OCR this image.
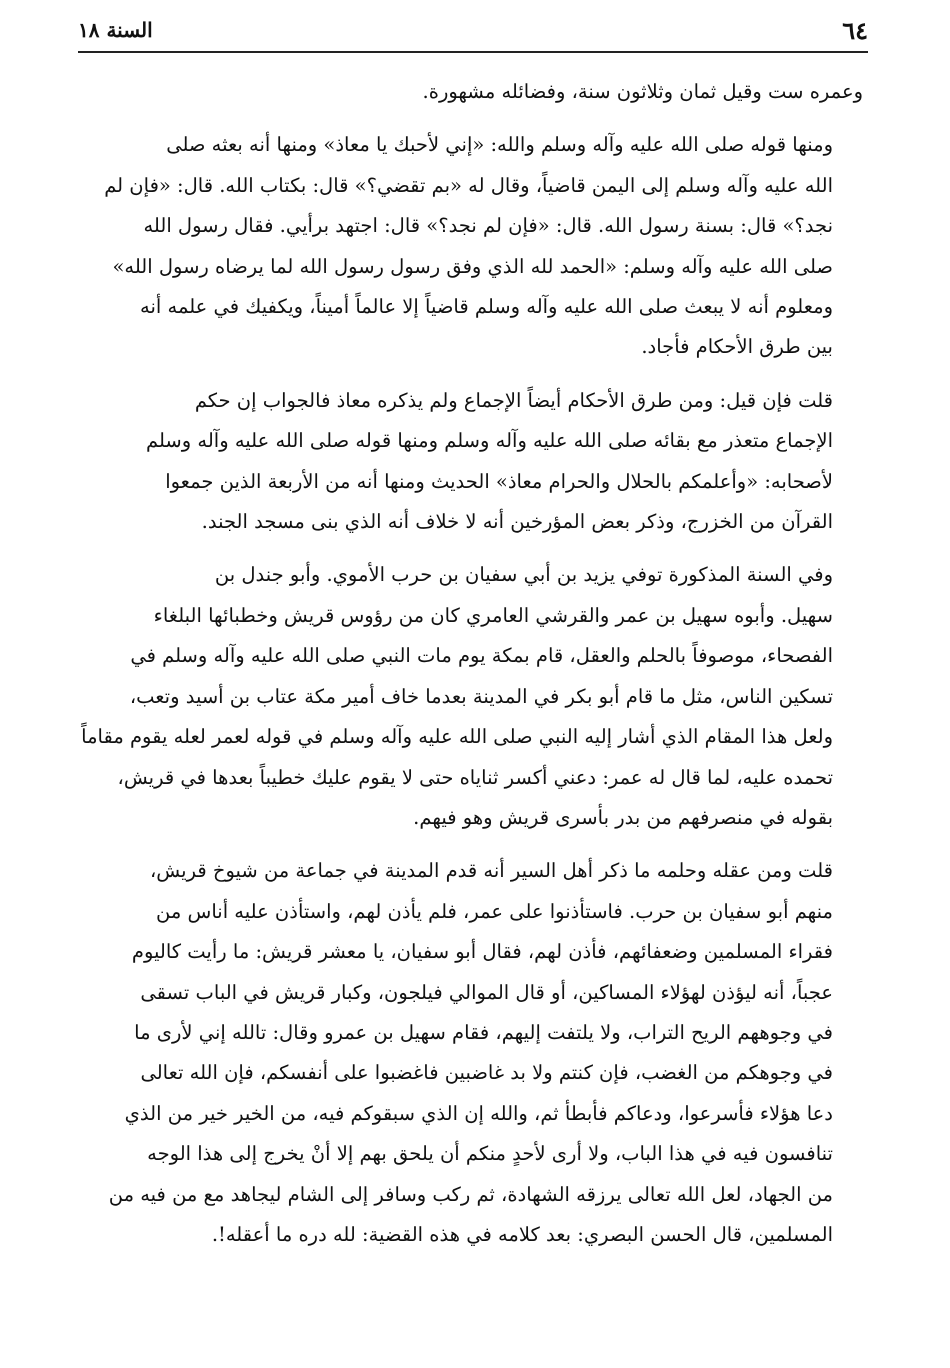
٦٤
السنة ١٨

وعمره ست وقيل ثمان وثلاثون سنة، وفضائله مشهورة.

ومنها قوله صلى الله عليه وآله وسلم والله: «إني لأحبك يا معاذ» ومنها أنه بعثه صلى
الله عليه وآله وسلم إلى اليمن قاضياً، وقال له «بم تقضي؟» قال: بكتاب الله. قال: «فإن لم
نجد؟» قال: بسنة رسول الله. قال: «فإن لم نجد؟» قال: اجتهد برأيي. فقال رسول الله
صلى الله عليه وآله وسلم: «الحمد لله الذي وفق رسول رسول الله لما يرضاه رسول الله»
ومعلوم أنه لا يبعث صلى الله عليه وآله وسلم قاضياً إلا عالماً أميناً، ويكفيك في علمه أنه
بين طرق الأحكام فأجاد.

قلت فإن قيل: ومن طرق الأحكام أيضاً الإجماع ولم يذكره معاذ فالجواب إن حكم
الإجماع متعذر مع بقائه صلى الله عليه وآله وسلم ومنها قوله صلى الله عليه وآله وسلم
لأصحابه: «وأعلمكم بالحلال والحرام معاذ» الحديث ومنها أنه من الأربعة الذين جمعوا
القرآن من الخزرج، وذكر بعض المؤرخين أنه لا خلاف أنه الذي بنى مسجد الجند.

وفي السنة المذكورة توفي يزيد بن أبي سفيان بن حرب الأموي. وأبو جندل بن
سهيل. وأبوه سهيل بن عمر والقرشي العامري كان من رؤوس قريش وخطبائها البلغاء
الفصحاء، موصوفاً بالحلم والعقل، قام بمكة يوم مات النبي صلى الله عليه وآله وسلم في
تسكين الناس، مثل ما قام أبو بكر في المدينة بعدما خاف أمير مكة عتاب بن أسيد وتعب،
ولعل هذا المقام الذي أشار إليه النبي صلى الله عليه وآله وسلم في قوله لعمر لعله يقوم مقاماً
تحمده عليه، لما قال له عمر: دعني أكسر ثناياه حتى لا يقوم عليك خطيباً بعدها في قريش،
بقوله في منصرفهم من بدر بأسرى قريش وهو فيهم.

قلت ومن عقله وحلمه ما ذكر أهل السير أنه قدم المدينة في جماعة من شيوخ قريش،
منهم أبو سفيان بن حرب. فاستأذنوا على عمر، فلم يأذن لهم، واستأذن عليه أناس من
فقراء المسلمين وضعفائهم، فأذن لهم، فقال أبو سفيان، يا معشر قريش: ما رأيت كاليوم
عجباً، أنه ليؤذن لهؤلاء المساكين، أو قال الموالي فيلجون، وكبار قريش في الباب تسقى
في وجوههم الريح التراب، ولا يلتفت إليهم، فقام سهيل بن عمرو وقال: تالله إني لأرى ما
في وجوهكم من الغضب، فإن كنتم ولا بد غاضبين فاغضبوا على أنفسكم، فإن الله تعالى
دعا هؤلاء فأسرعوا، ودعاكم فأبطأ ثم، والله إن الذي سبقوكم فيه، من الخير خير من الذي
تنافسون فيه في هذا الباب، ولا أرى لأحدٍ منكم أن يلحق بهم إلا أنْ يخرج إلى هذا الوجه
من الجهاد، لعل الله تعالى يرزقه الشهادة، ثم ركب وسافر إلى الشام ليجاهد مع من فيه من
المسلمين، قال الحسن البصري: بعد كلامه في هذه القضية: لله دره ما أعقله!.
